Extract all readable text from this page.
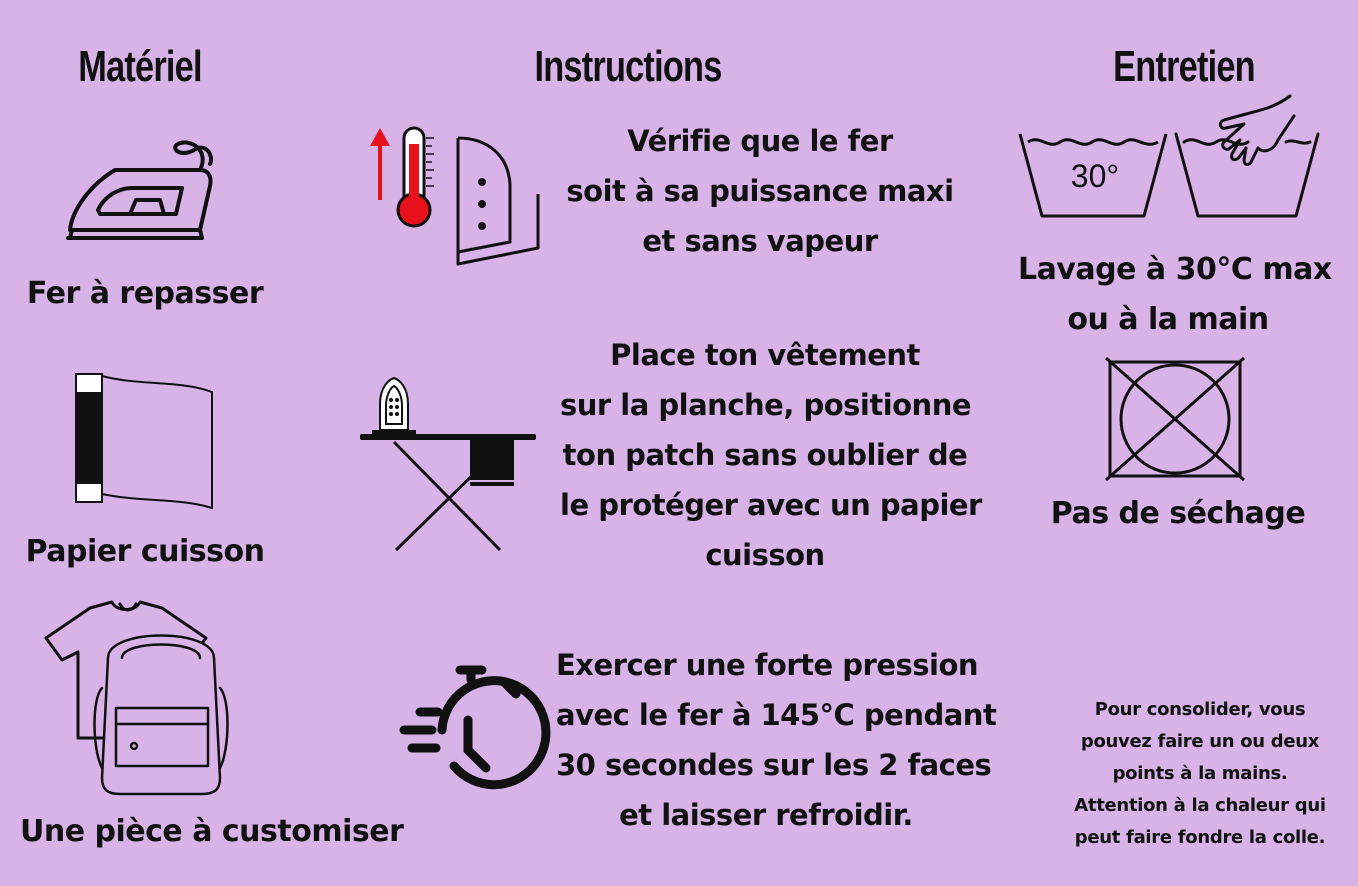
Matériel	Instructions	Entretien
Fer à repasser
Papier cuisson
Une pièce à customiser
Vérifie que le fer
soit à sa puissance maxi
et sans vapeur
Place ton vêtement
sur la planche, positionne
ton patch sans oublier de
le protéger avec un papier
cuisson
Exercer une forte pression
avec le fer à 145°C pendant
30 secondes sur les 2 faces
et laisser refroidir.
30°
Lavage à 30°C max
ou à la main
Pas de séchage
Pour consolider, vous
pouvez faire un ou deux
points à la mains.
Attention à la chaleur qui
peut faire fondre la colle.
